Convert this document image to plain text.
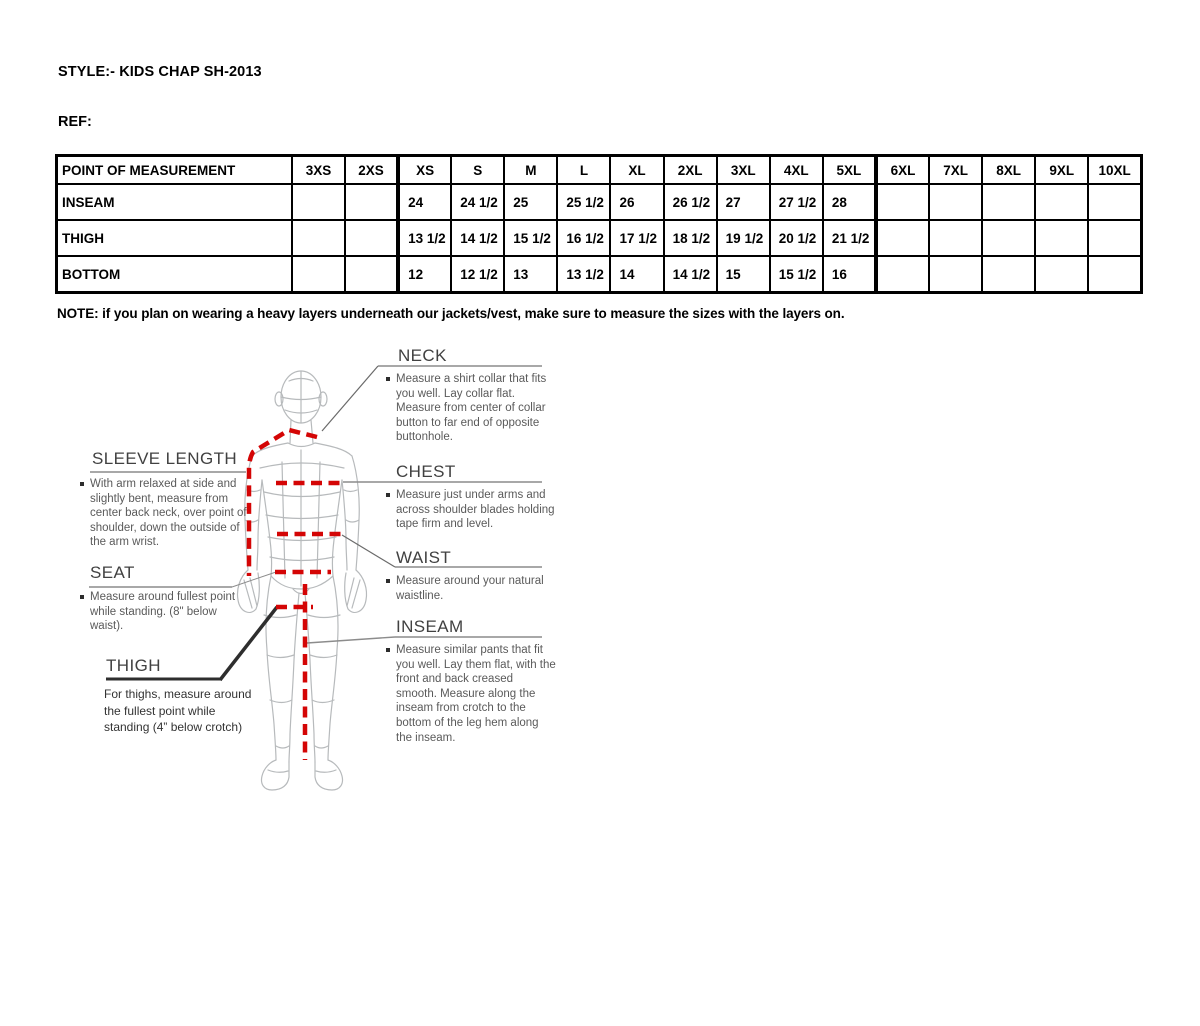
STYLE:- KIDS CHAP SH-2013
REF:
POINT OF MEASUREMENT	3XS	2XS	XS	S	M	L	XL	2XL	3XL	4XL	5XL	6XL	7XL	8XL	9XL	10XL
INSEAM			24	24 1/2	25	25 1/2	26	26 1/2	27	27 1/2	28					
THIGH			13 1/2	14 1/2	15 1/2	16 1/2	17 1/2	18 1/2	19 1/2	20 1/2	21 1/2					
BOTTOM			12	12 1/2	13	13 1/2	14	14 1/2	15	15 1/2	16					
NOTE: if you plan on wearing a heavy layers underneath our jackets/vest, make sure to measure the sizes with the layers on.
NECK
Measure a shirt collar that fits you well. Lay collar flat. Measure from center of collar button to far end of opposite buttonhole.
SLEEVE LENGTH
With arm relaxed at side and slightly bent, measure from center back neck, over point of shoulder, down the outside of the arm wrist.
CHEST
Measure just under arms and across shoulder blades holding tape firm and level.
WAIST
Measure around your natural waistline.
SEAT
Measure around fullest point while standing. (8" below waist).
THIGH
For thighs, measure around the fullest point while standing (4” below crotch)
INSEAM
Measure similar pants that fit you well. Lay them flat, with the front and back creased smooth. Measure along the inseam from crotch to the bottom of the leg hem along the inseam.
